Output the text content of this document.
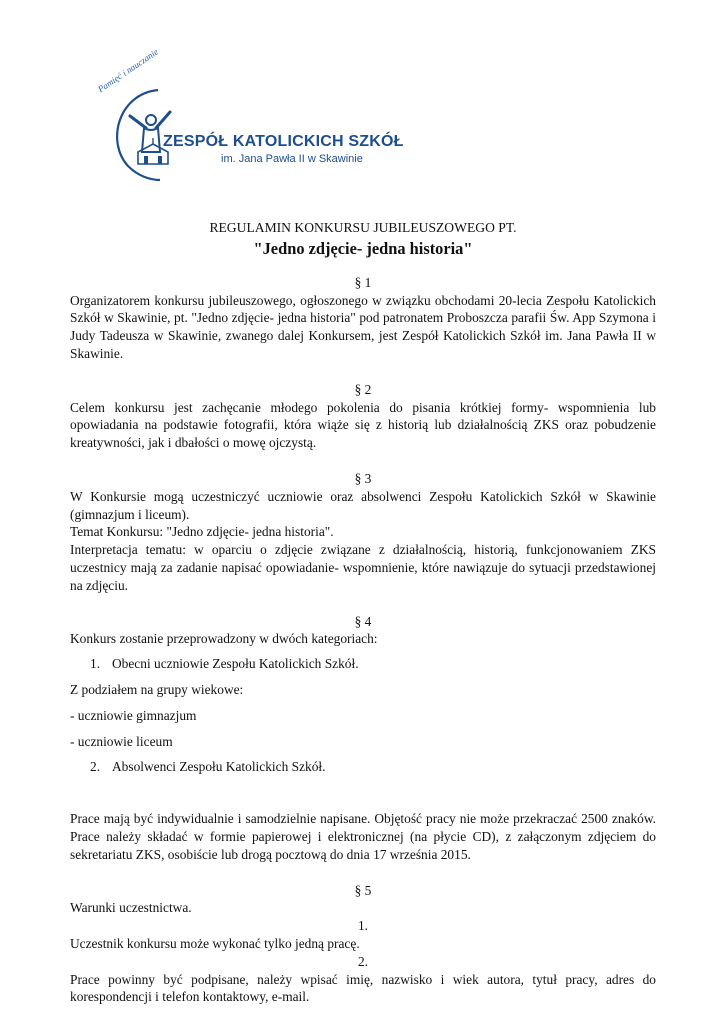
Pamięć i nauczanie
ZESPÓŁ KATOLICKICH SZKÓŁ
im. Jana Pawła II w Skawinie

REGULAMIN KONKURSU JUBILEUSZOWEGO PT.

"Jedno zdjęcie- jedna historia"

§ 1

Organizatorem konkursu jubileuszowego, ogłoszonego w związku obchodami 20-lecia Zespołu Katolickich Szkół w Skawinie, pt. "Jedno zdjęcie- jedna historia" pod patronatem Proboszcza parafii Św. App Szymona i Judy Tadeusza w Skawinie, zwanego dalej Konkursem, jest Zespół Katolickich Szkół im. Jana Pawła II w Skawinie.

§ 2

Celem konkursu jest zachęcanie młodego pokolenia do pisania krótkiej formy- wspomnienia lub opowiadania na podstawie fotografii, która wiąże się z historią lub działalnością ZKS oraz pobudzenie kreatywności, jak i dbałości o mowę ojczystą.

§ 3

W Konkursie mogą uczestniczyć uczniowie oraz absolwenci Zespołu Katolickich Szkół w Skawinie (gimnazjum i liceum).

Temat Konkursu: "Jedno zdjęcie- jedna historia".

Interpretacja tematu: w oparciu o zdjęcie związane z działalnością, historią, funkcjonowaniem ZKS uczestnicy mają za zadanie napisać opowiadanie- wspomnienie, które nawiązuje do sytuacji przedstawionej na zdjęciu.

§ 4

Konkurs zostanie przeprowadzony w dwóch kategoriach:

1. Obecni uczniowie Zespołu Katolickich Szkół.

Z podziałem na grupy wiekowe:

- uczniowie gimnazjum

- uczniowie liceum

2. Absolwenci Zespołu Katolickich Szkół.

Prace mają być indywidualnie i samodzielnie napisane. Objętość pracy nie może przekraczać 2500 znaków. Prace należy składać w formie papierowej i elektronicznej (na płycie CD), z załączonym zdjęciem do sekretariatu ZKS, osobiście lub drogą pocztową do dnia 17 września 2015.

§ 5

Warunki uczestnictwa.

1.

Uczestnik konkursu może wykonać tylko jedną pracę.

2.

Prace powinny być podpisane, należy wpisać imię, nazwisko i wiek autora, tytuł pracy, adres do korespondencji i telefon kontaktowy, e-mail.
